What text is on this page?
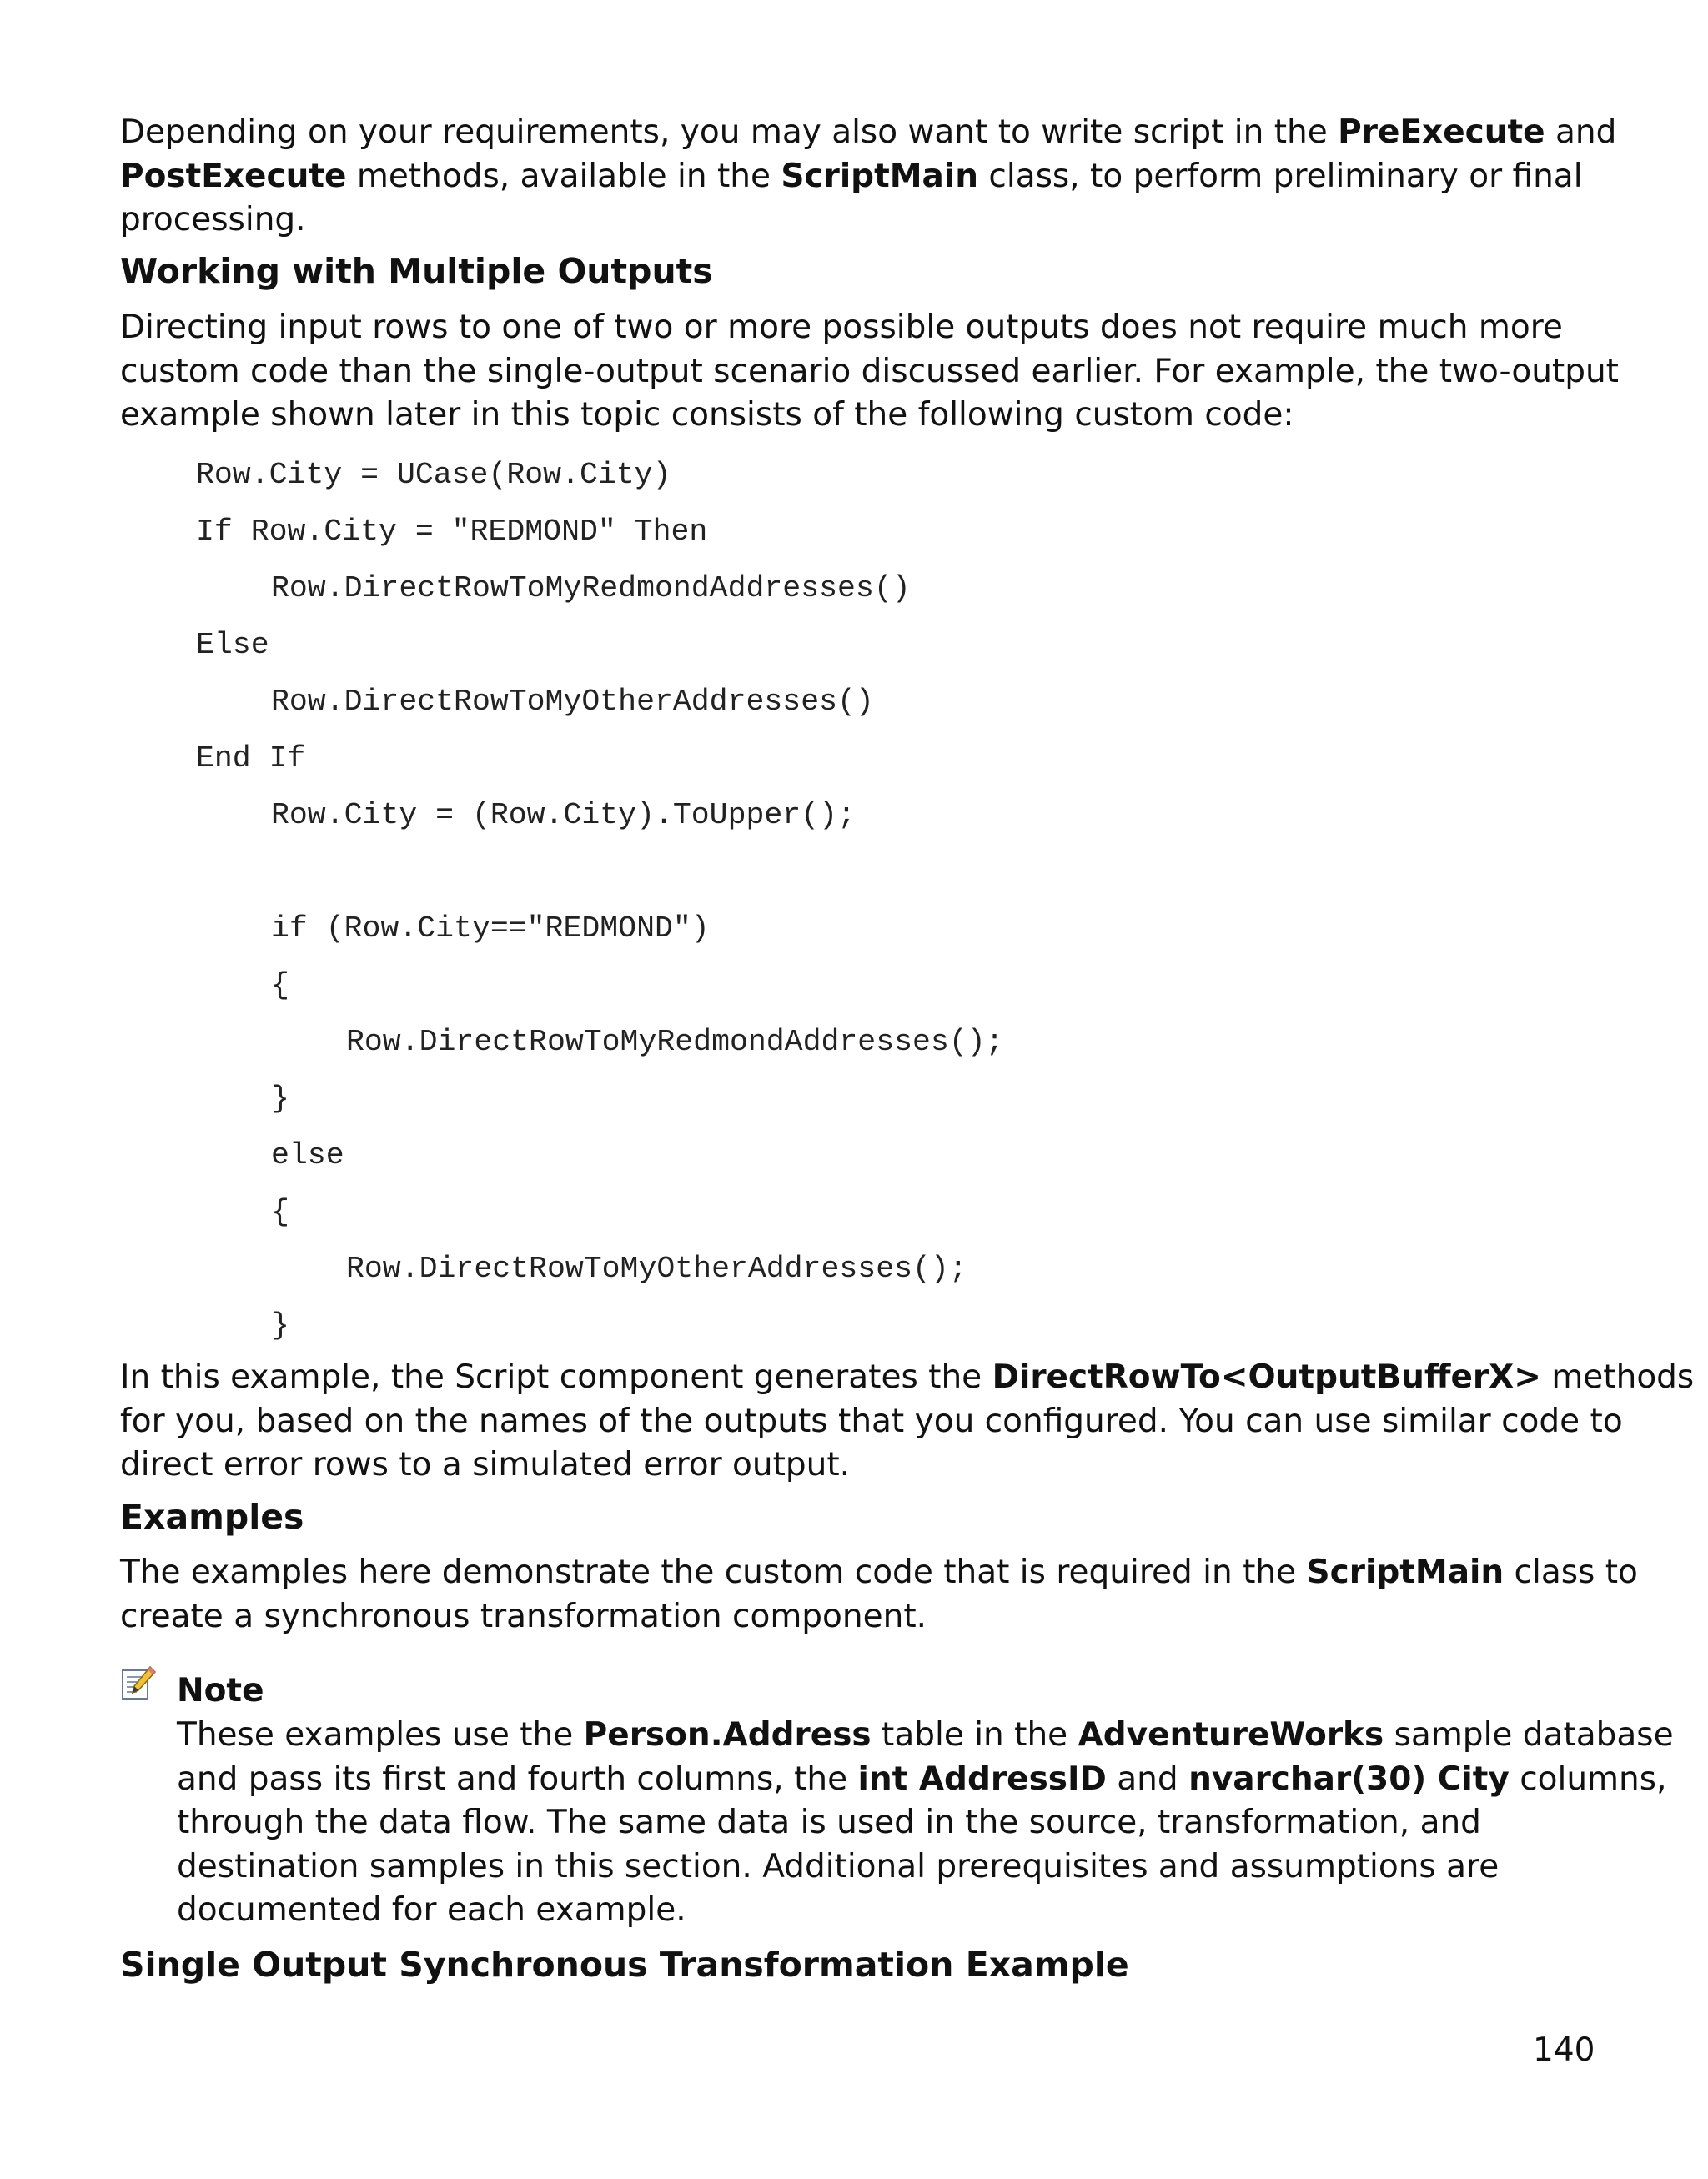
Depending on your requirements, you may also want to write script in the PreExecute and
PostExecute methods, available in the ScriptMain class, to perform preliminary or final
processing.

Working with Multiple Outputs

Directing input rows to one of two or more possible outputs does not require much more
custom code than the single-output scenario discussed earlier. For example, the two-output
example shown later in this topic consists of the following custom code:

Row.City = UCase(Row.City)
If Row.City = "REDMOND" Then
Row.DirectRowToMyRedmondAddresses()
Else
Row.DirectRowToMyOtherAddresses()
End If
Row.City = (Row.City).ToUpper();
if (Row.City=="REDMOND")
{
Row.DirectRowToMyRedmondAddresses();
}
else
{
Row.DirectRowToMyOtherAddresses();
}

In this example, the Script component generates the DirectRowTo<OutputBufferX> methods
for you, based on the names of the outputs that you configured. You can use similar code to
direct error rows to a simulated error output.

Examples

The examples here demonstrate the custom code that is required in the ScriptMain class to
create a synchronous transformation component.

Note

These examples use the Person.Address table in the AdventureWorks sample database
and pass its first and fourth columns, the int AddressID and nvarchar(30) City columns,
through the data flow. The same data is used in the source, transformation, and
destination samples in this section. Additional prerequisites and assumptions are
documented for each example.

Single Output Synchronous Transformation Example
140
